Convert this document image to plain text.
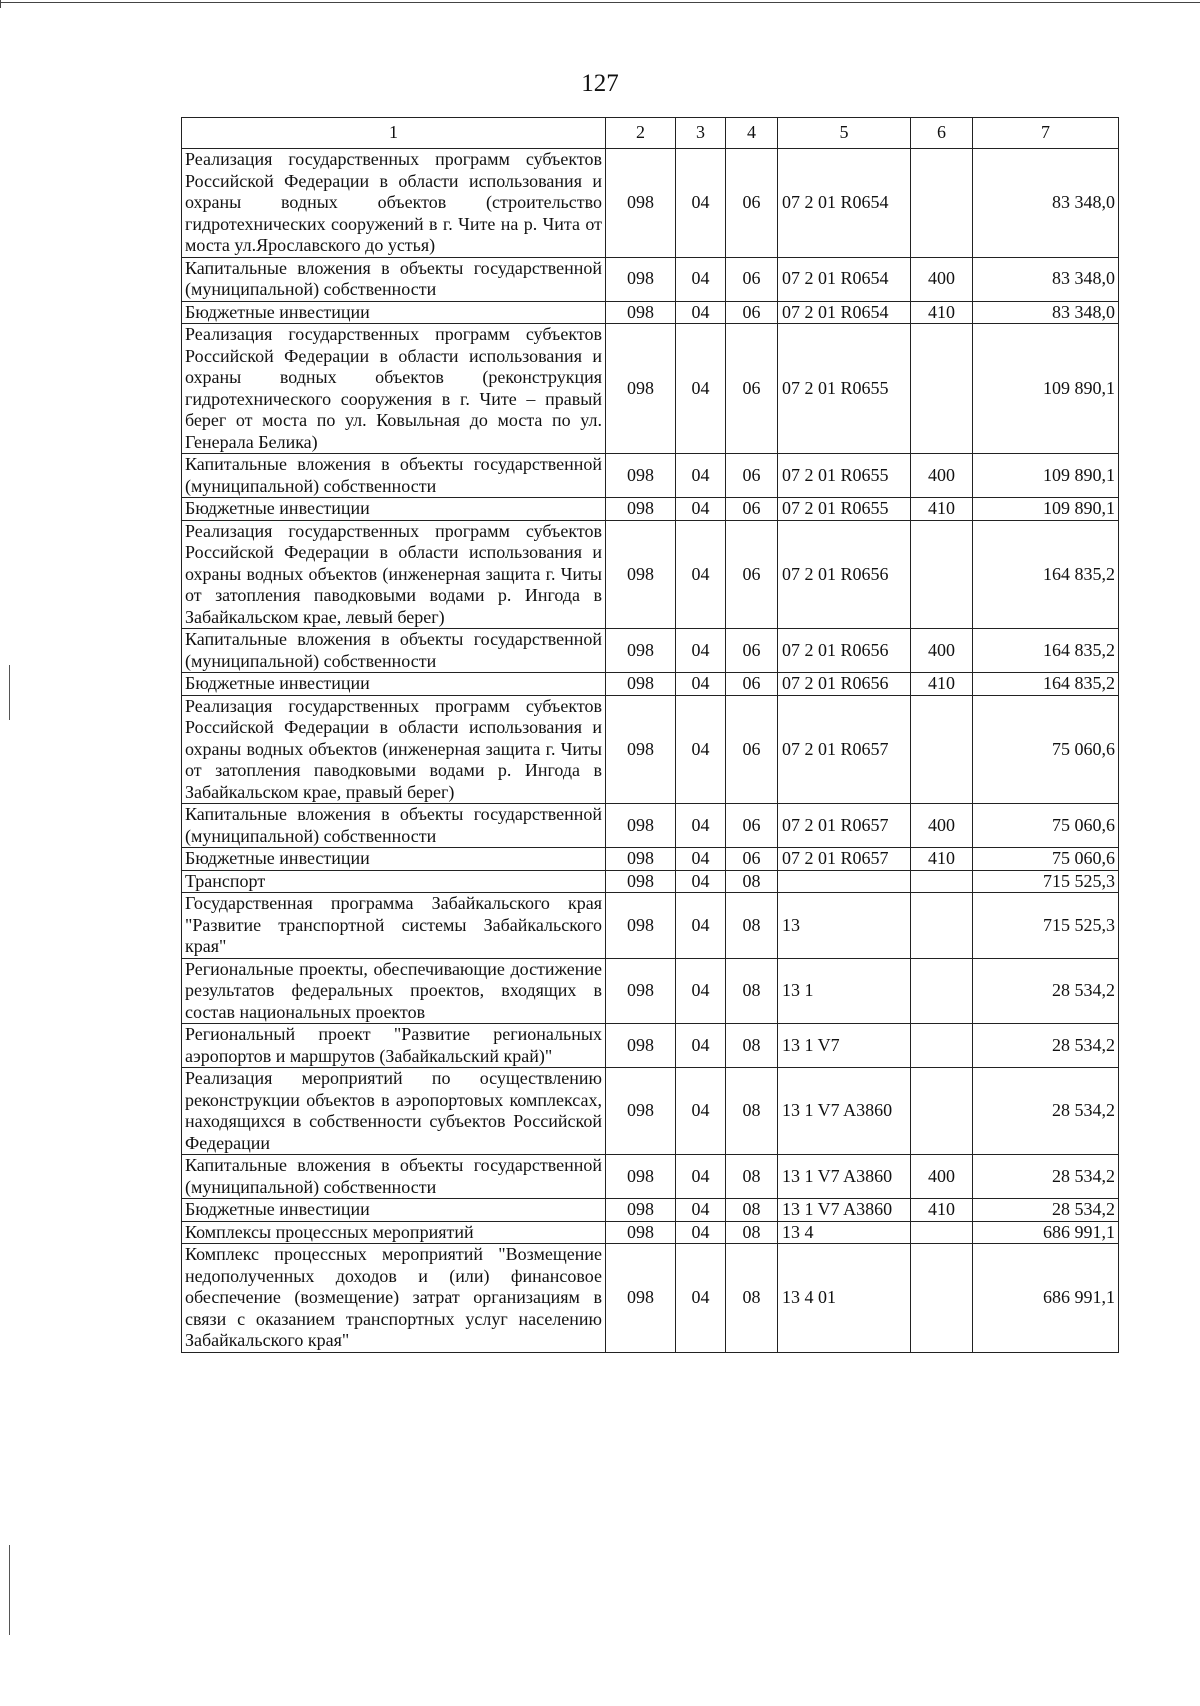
127
1	2	3	4	5	6	7
Реализация государственных программ субъектов Российской Федерации в области использования и охраны водных объектов (строительство гидротехнических сооружений в г. Чите на р. Чита от моста ул.Ярославского до устья)	098	04	06	07 2 01 R0654		83 348,0
Капитальные вложения в объекты государственной (муниципальной) собственности	098	04	06	07 2 01 R0654	400	83 348,0
Бюджетные инвестиции	098	04	06	07 2 01 R0654	410	83 348,0
Реализация государственных программ субъектов Российской Федерации в области использования и охраны водных объектов (реконструкция гидротехнического сооружения в г. Чите – правый берег от моста по ул. Ковыльная до моста по ул. Генерала Белика)	098	04	06	07 2 01 R0655		109 890,1
Капитальные вложения в объекты государственной (муниципальной) собственности	098	04	06	07 2 01 R0655	400	109 890,1
Бюджетные инвестиции	098	04	06	07 2 01 R0655	410	109 890,1
Реализация государственных программ субъектов Российской Федерации в области использования и охраны водных объектов (инженерная защита г. Читы от затопления паводковыми водами р. Ингода в Забайкальском крае, левый берег)	098	04	06	07 2 01 R0656		164 835,2
Капитальные вложения в объекты государственной (муниципальной) собственности	098	04	06	07 2 01 R0656	400	164 835,2
Бюджетные инвестиции	098	04	06	07 2 01 R0656	410	164 835,2
Реализация государственных программ субъектов Российской Федерации в области использования и охраны водных объектов (инженерная защита г. Читы от затопления паводковыми водами р. Ингода в Забайкальском крае, правый берег)	098	04	06	07 2 01 R0657		75 060,6
Капитальные вложения в объекты государственной (муниципальной) собственности	098	04	06	07 2 01 R0657	400	75 060,6
Бюджетные инвестиции	098	04	06	07 2 01 R0657	410	75 060,6
Транспорт	098	04	08			715 525,3
Государственная программа Забайкальского края "Развитие транспортной системы Забайкальского края"	098	04	08	13		715 525,3
Региональные проекты, обеспечивающие достижение результатов федеральных проектов, входящих в состав национальных проектов	098	04	08	13 1		28 534,2
Региональный проект "Развитие региональных аэропортов и маршрутов (Забайкальский край)"	098	04	08	13 1 V7		28 534,2
Реализация мероприятий по осуществлению реконструкции объектов в аэропортовых комплексах, находящихся в собственности субъектов Российской Федерации	098	04	08	13 1 V7 A3860		28 534,2
Капитальные вложения в объекты государственной (муниципальной) собственности	098	04	08	13 1 V7 A3860	400	28 534,2
Бюджетные инвестиции	098	04	08	13 1 V7 A3860	410	28 534,2
Комплексы процессных мероприятий	098	04	08	13 4		686 991,1
Комплекс процессных мероприятий "Возмещение недополученных доходов и (или) финансовое обеспечение (возмещение) затрат организациям в связи с оказанием транспортных услуг населению Забайкальского края"	098	04	08	13 4 01		686 991,1
